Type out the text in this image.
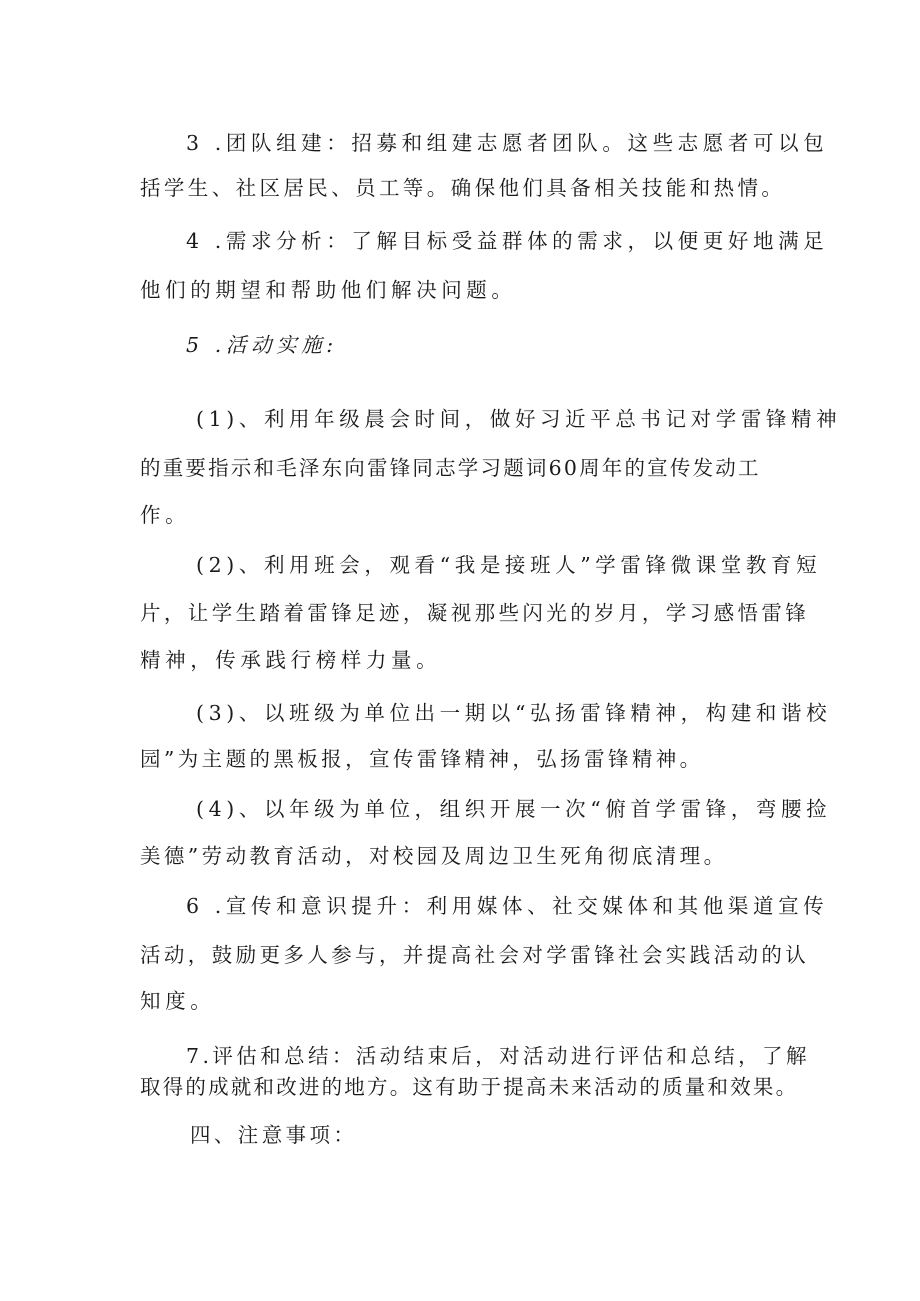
3 .团队组建：招募和组建志愿者团队。这些志愿者可以包
括学生、社区居民、员工等。确保他们具备相关技能和热情。
4 .需求分析：了解目标受益群体的需求，以便更好地满足
他们的期望和帮助他们解决问题。
5 .活动实施:
(1)、利用年级晨会时间，做好习近平总书记对学雷锋精神
的重要指示和毛泽东向雷锋同志学习题词60周年的宣传发动工
作。
(2)、利用班会，观看“我是接班人”学雷锋微课堂教育短
片，让学生踏着雷锋足迹，凝视那些闪光的岁月，学习感悟雷锋
精神，传承践行榜样力量。
(3)、以班级为单位出一期以“弘扬雷锋精神，构建和谐校
园”为主题的黑板报，宣传雷锋精神，弘扬雷锋精神。
(4)、以年级为单位，组织开展一次“俯首学雷锋，弯腰捡
美德”劳动教育活动，对校园及周边卫生死角彻底清理。
6 .宣传和意识提升：利用媒体、社交媒体和其他渠道宣传
活动，鼓励更多人参与，并提高社会对学雷锋社会实践活动的认
知度。
7.评估和总结：活动结束后，对活动进行评估和总结，了解
取得的成就和改进的地方。这有助于提高未来活动的质量和效果。
四、注意事项：
